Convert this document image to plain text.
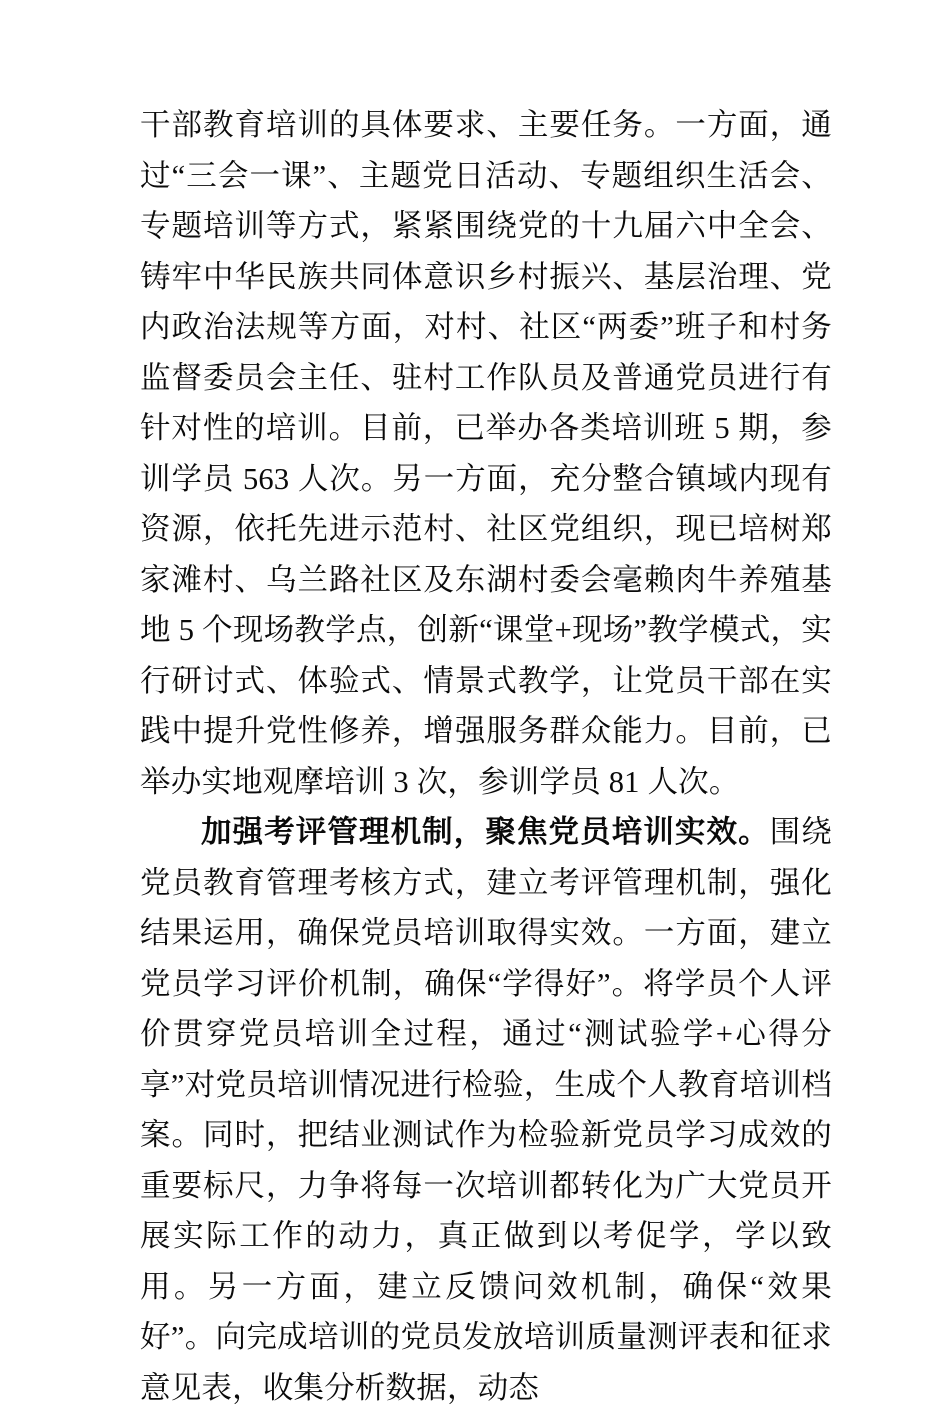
干部教育培训的具体要求、主要任务。一方面，通过“三会一课”、主题党日活动、专题组织生活会、专题培训等方式，紧紧围绕党的十九届六中全会、铸牢中华民族共同体意识乡村振兴、基层治理、党内政治法规等方面，对村、社区“两委”班子和村务监督委员会主任、驻村工作队员及普通党员进行有针对性的培训。目前，已举办各类培训班 5 期，参训学员 563 人次。另一方面，充分整合镇域内现有资源，依托先进示范村、社区党组织，现已培树郑家滩村、乌兰路社区及东湖村委会毫赖肉牛养殖基地 5 个现场教学点，创新“课堂+现场”教学模式，实行研讨式、体验式、情景式教学，让党员干部在实践中提升党性修养，增强服务群众能力。目前，已举办实地观摩培训 3 次，参训学员 81 人次。

加强考评管理机制，聚焦党员培训实效。围绕党员教育管理考核方式，建立考评管理机制，强化结果运用，确保党员培训取得实效。一方面，建立党员学习评价机制，确保“学得好”。将学员个人评价贯穿党员培训全过程，通过“测试验学+心得分享”对党员培训情况进行检验，生成个人教育培训档案。同时，把结业测试作为检验新党员学习成效的重要标尺，力争将每一次培训都转化为广大党员开展实际工作的动力，真正做到以考促学，学以致用。另一方面，建立反馈问效机制，确保“效果好”。向完成培训的党员发放培训质量测评表和征求意见表，收集分析数据，动态
